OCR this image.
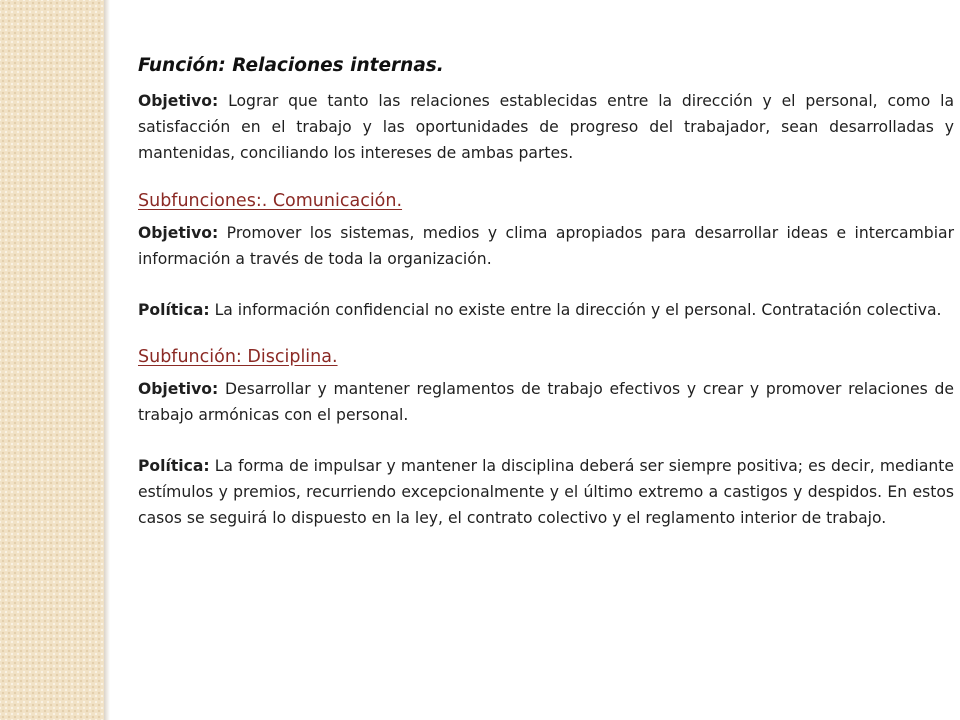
Función: Relaciones internas.

Objetivo: Lograr que tanto las relaciones establecidas entre la dirección y el personal, como la satisfacción en el trabajo y las oportunidades de progreso del trabajador, sean desarrolladas y mantenidas, conciliando los intereses de ambas partes.

Subfunciones:. Comunicación.

Objetivo: Promover los sistemas, medios y clima apropiados para desarrollar ideas e intercambiar información a través de toda la organización.

Política: La información confidencial no existe entre la dirección y el personal. Contratación colectiva.

Subfunción: Disciplina.

Objetivo: Desarrollar y mantener reglamentos de trabajo efectivos y crear y promover relaciones de trabajo armónicas con el personal.

Política: La forma de impulsar y mantener la disciplina deberá ser siempre positiva; es decir, mediante estímulos y premios, recurriendo excepcionalmente y el último extremo a castigos y despidos. En estos casos se seguirá lo dispuesto en la ley, el contrato colectivo y el reglamento interior de trabajo.
